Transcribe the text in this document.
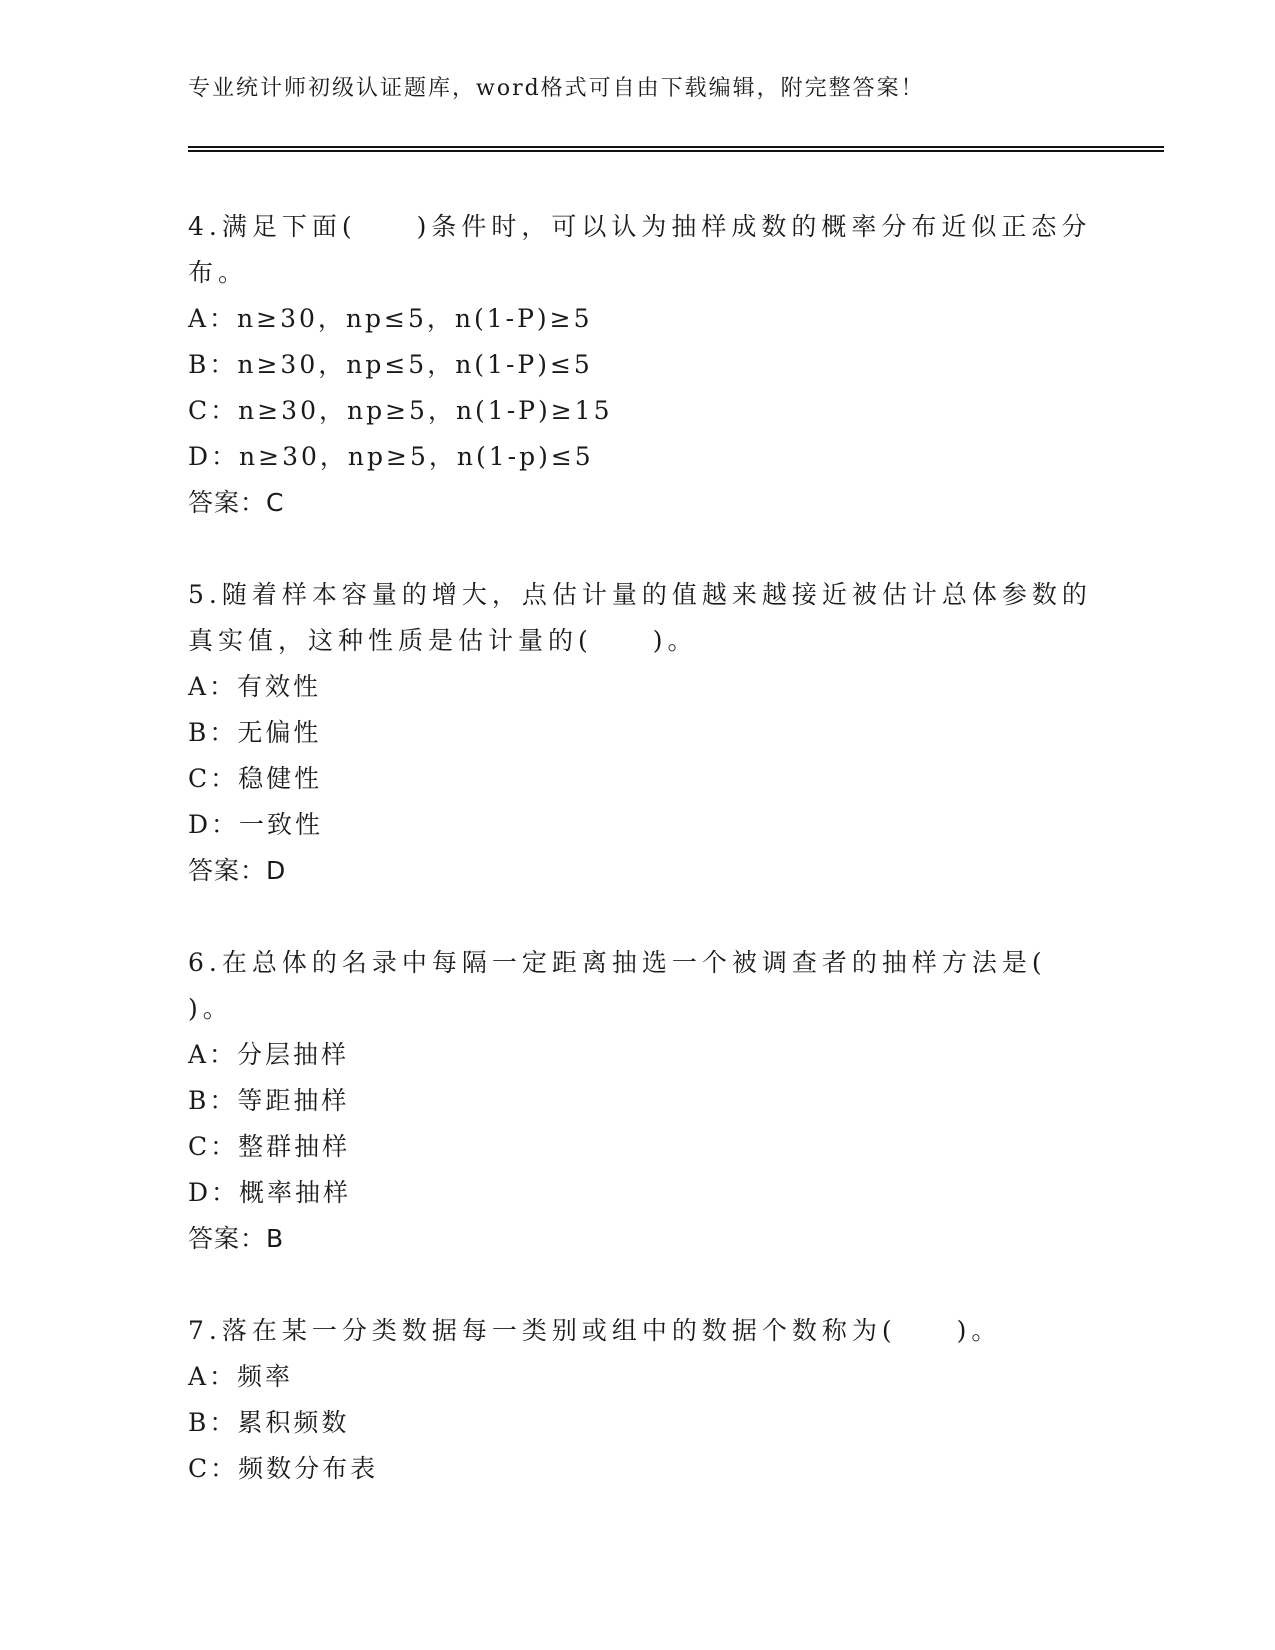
专业统计师初级认证题库，word格式可自由下载编辑，附完整答案！
4.满足下面(　　)条件时，可以认为抽样成数的概率分布近似正态分
布。
A：n≥30，np≤5，n(1-P)≥5
B：n≥30，np≤5，n(1-P)≤5
C：n≥30，np≥5，n(1-P)≥15
D：n≥30，np≥5，n(1-p)≤5
答案：C
5.随着样本容量的增大，点估计量的值越来越接近被估计总体参数的
真实值，这种性质是估计量的(　　)。
A：有效性
B：无偏性
C：稳健性
D：一致性
答案：D
6.在总体的名录中每隔一定距离抽选一个被调查者的抽样方法是(
)。
A：分层抽样
B：等距抽样
C：整群抽样
D：概率抽样
答案：B
7.落在某一分类数据每一类别或组中的数据个数称为(　　)。
A：频率
B：累积频数
C：频数分布表
